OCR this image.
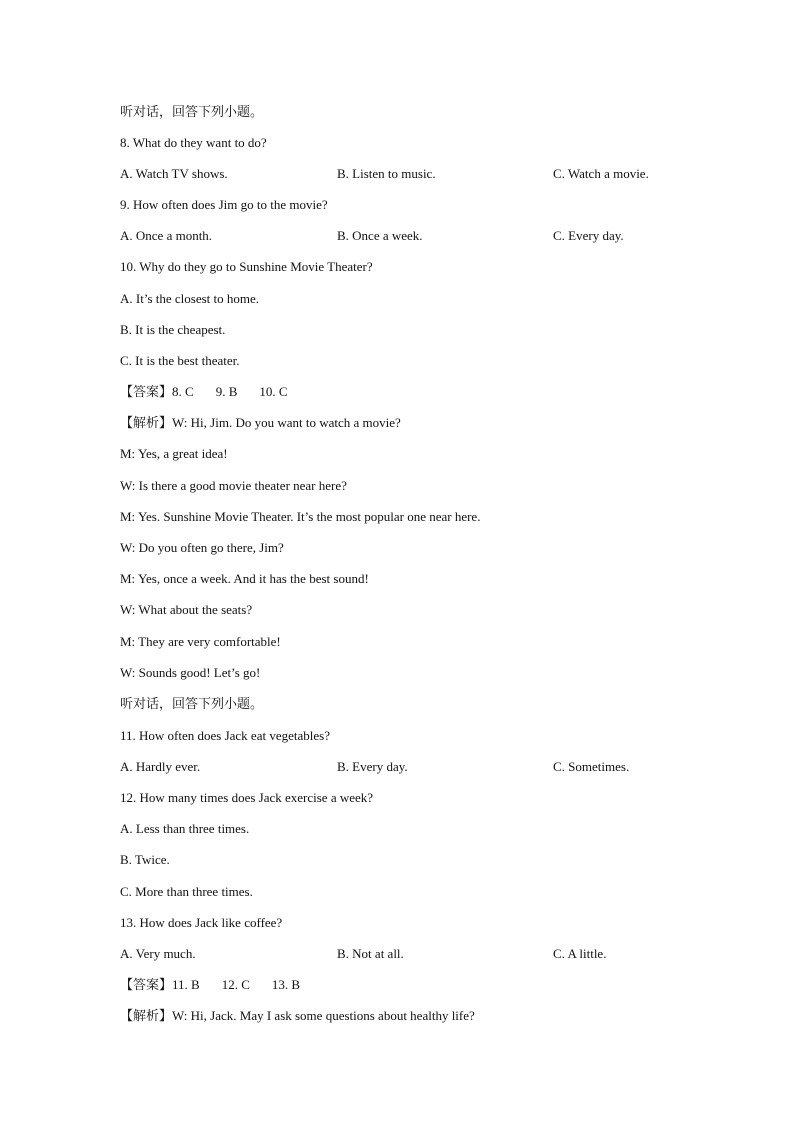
听对话，回答下列小题。
8. What do they want to do?
A. Watch TV shows.	B. Listen to music.	C. Watch a movie.
9. How often does Jim go to the movie?
A. Once a month.	B. Once a week.	C. Every day.
10. Why do they go to Sunshine Movie Theater?
A. It’s the closest to home.
B. It is the cheapest.
C. It is the best theater.
【答案】8. C 9. B 10. C
【解析】W: Hi, Jim. Do you want to watch a movie?
M: Yes, a great idea!
W: Is there a good movie theater near here?
M: Yes. Sunshine Movie Theater. It’s the most popular one near here.
W: Do you often go there, Jim?
M: Yes, once a week. And it has the best sound!
W: What about the seats?
M: They are very comfortable!
W: Sounds good! Let’s go!
听对话，回答下列小题。
11. How often does Jack eat vegetables?
A. Hardly ever.	B. Every day.	C. Sometimes.
12. How many times does Jack exercise a week?
A. Less than three times.
B. Twice.
C. More than three times.
13. How does Jack like coffee?
A. Very much.	B. Not at all.	C. A little.
【答案】11. B 12. C 13. B
【解析】W: Hi, Jack. May I ask some questions about healthy life?
